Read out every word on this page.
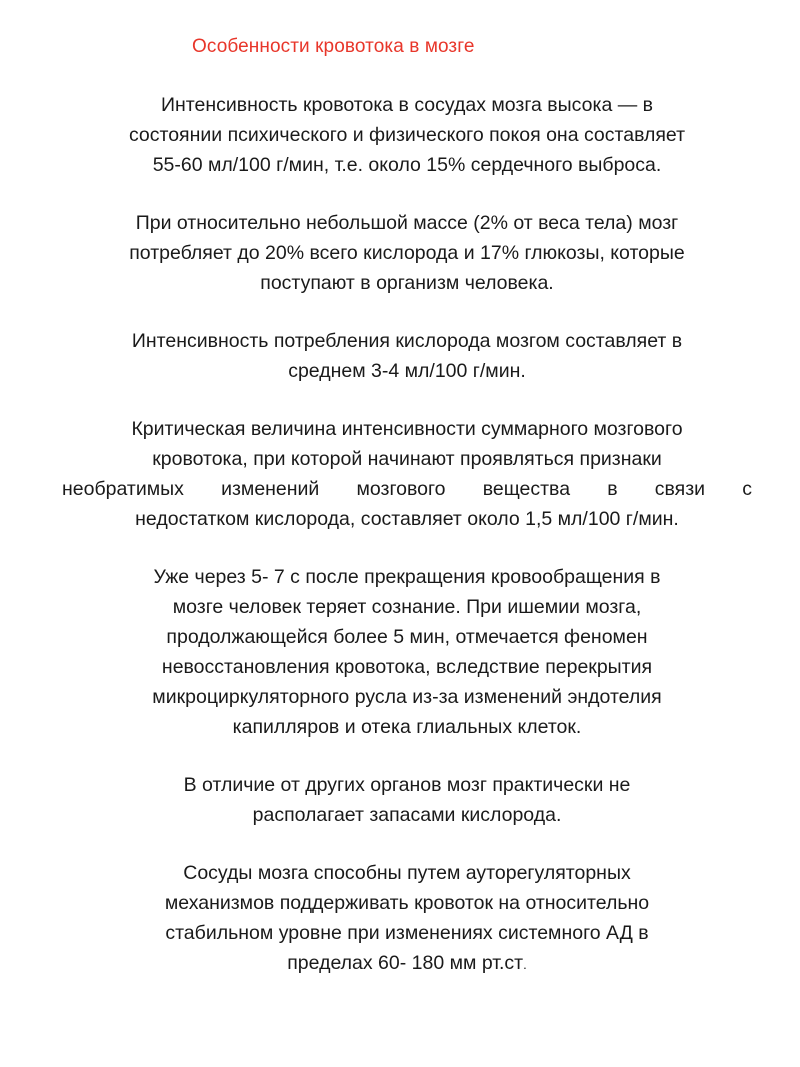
Особенности кровотока в мозге

Интенсивность кровотока в сосудах мозга высока — в
состоянии психического и физического покоя она составляет
55-60 мл/100 г/мин, т.е. около 15% сердечного выброса.

При относительно небольшой массе (2% от веса тела) мозг
потребляет до 20% всего кислорода и 17% глюкозы, которые
поступают в организм человека.

Интенсивность потребления кислорода мозгом составляет в
среднем 3-4 мл/100 г/мин.

Критическая величина интенсивности суммарного мозгового
кровотока, при которой начинают проявляться признаки
необратимых изменений мозгового вещества в связи с
недостатком кислорода, составляет около 1,5 мл/100 г/мин.

Уже через 5- 7 с после прекращения кровообращения в
мозге человек теряет сознание. При ишемии мозга,
продолжающейся более 5 мин, отмечается феномен
невосстановления кровотока, вследствие перекрытия
микроциркуляторного русла из-за изменений эндотелия
капилляров и отека глиальных клеток.

В отличие от других органов мозг практически не
располагает запасами кислорода.

Сосуды мозга способны путем ауторегуляторных
механизмов поддерживать кровоток на относительно
стабильном уровне при изменениях системного АД в
пределах 60- 180 мм рт.ст.
